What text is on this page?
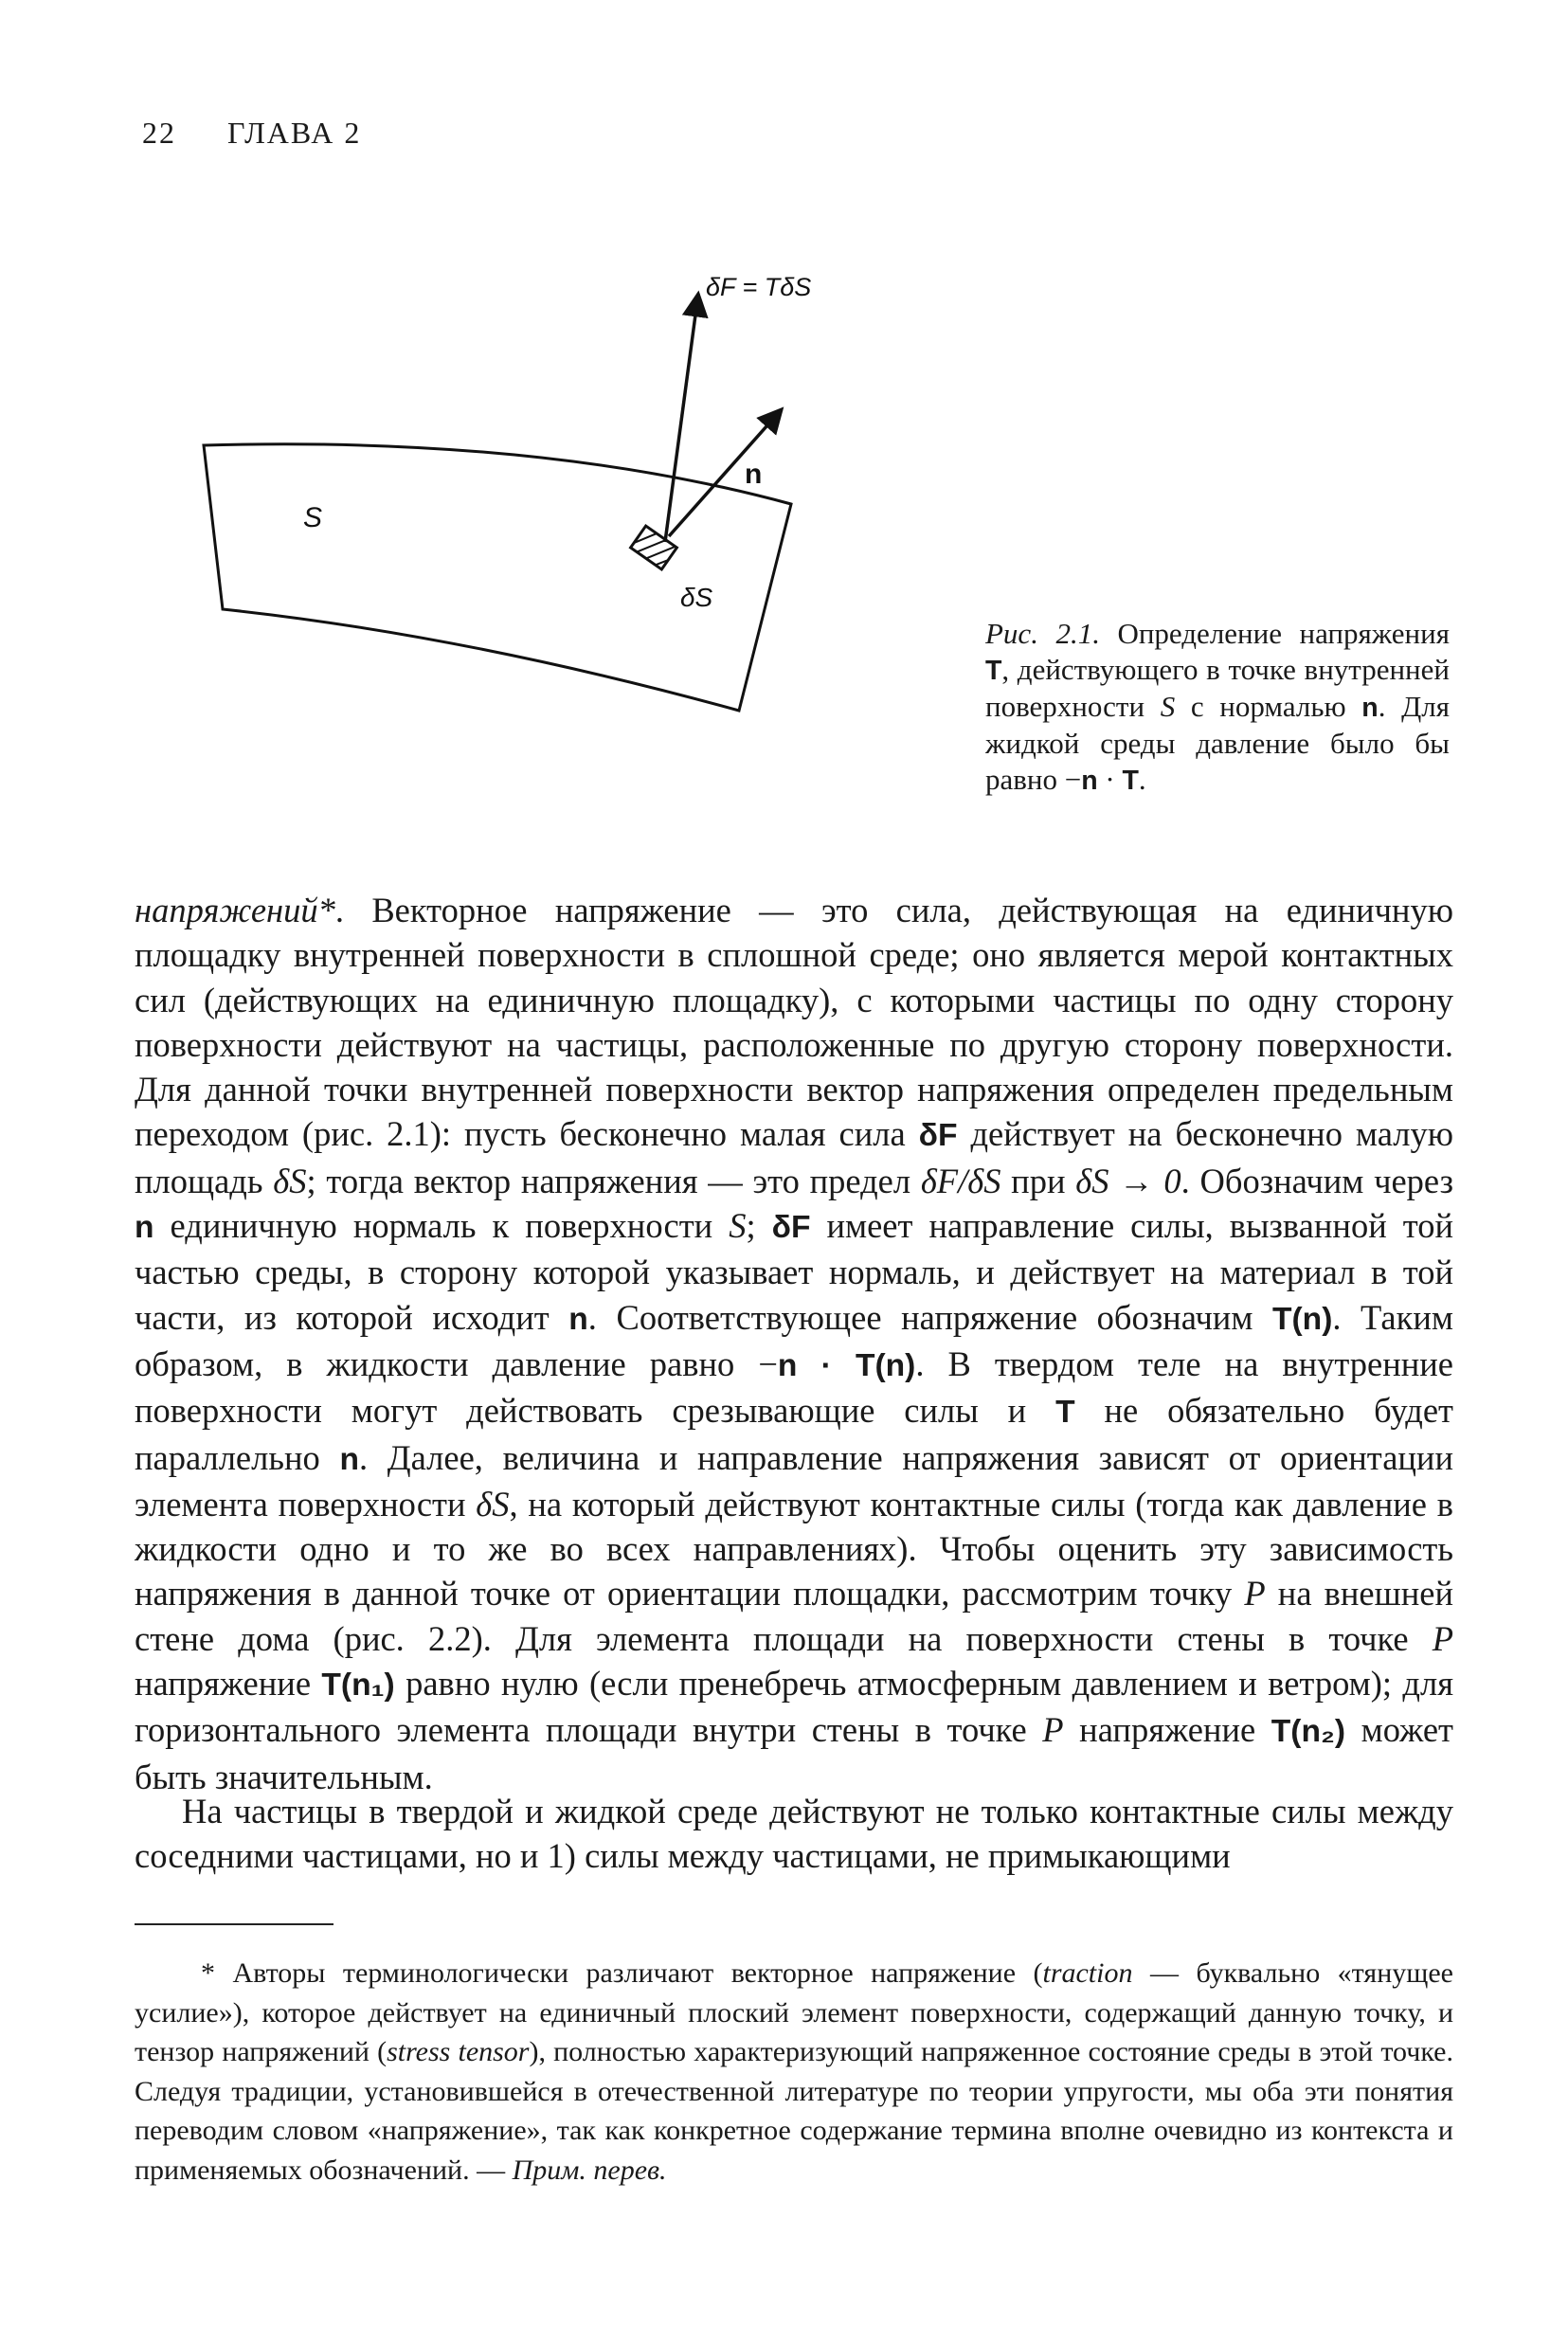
22 ГЛАВА 2
δF = TδS
n
S
δS
Рис. 2.1. Определение напряжения T, действующего в точке внутренней поверхности S с нормалью n. Для жидкой среды давление было бы равно −n · T.

напряжений*. Векторное напряжение — это сила, действующая на единичную площадку внутренней поверхности в сплошной среде; оно является мерой контактных сил (действующих на единичную площадку), с которыми частицы по одну сторону поверхности действуют на частицы, расположенные по другую сторону поверхности. Для данной точки внутренней поверхности вектор напряжения определен предельным переходом (рис. 2.1): пусть бесконечно малая сила δF действует на бесконечно малую площадь δS; тогда вектор напряжения — это предел δF/δS при δS → 0. Обозначим через n единичную нормаль к поверхности S; δF имеет направление силы, вызванной той частью среды, в сторону которой указывает нормаль, и действует на материал в той части, из которой исходит n. Соответствующее напряжение обозначим T(n). Таким образом, в жидкости давление равно −n · T(n). В твердом теле на внутренние поверхности могут действовать срезывающие силы и T не обязательно будет параллельно n. Далее, величина и направление напряжения зависят от ориентации элемента поверхности δS, на который действуют контактные силы (тогда как давление в жидкости одно и то же во всех направлениях). Чтобы оценить эту зависимость напряжения в данной точке от ориентации площадки, рассмотрим точку P на внешней стене дома (рис. 2.2). Для элемента площади на поверхности стены в точке P напряжение T(n₁) равно нулю (если пренебречь атмосферным давлением и ветром); для горизонтального элемента площади внутри стены в точке P напряжение T(n₂) может быть значительным.

На частицы в твердой и жидкой среде действуют не только контактные силы между соседними частицами, но и 1) силы между частицами, не примыкающими

* Авторы терминологически различают векторное напряжение (traction — буквально «тянущее усилие»), которое действует на единичный плоский элемент поверхности, содержащий данную точку, и тензор напряжений (stress tensor), полностью характеризующий напряженное состояние среды в этой точке. Следуя традиции, установившейся в отечественной литературе по теории упругости, мы оба эти понятия переводим словом «напряжение», так как конкретное содержание термина вполне очевидно из контекста и применяемых обозначений. — Прим. перев.
